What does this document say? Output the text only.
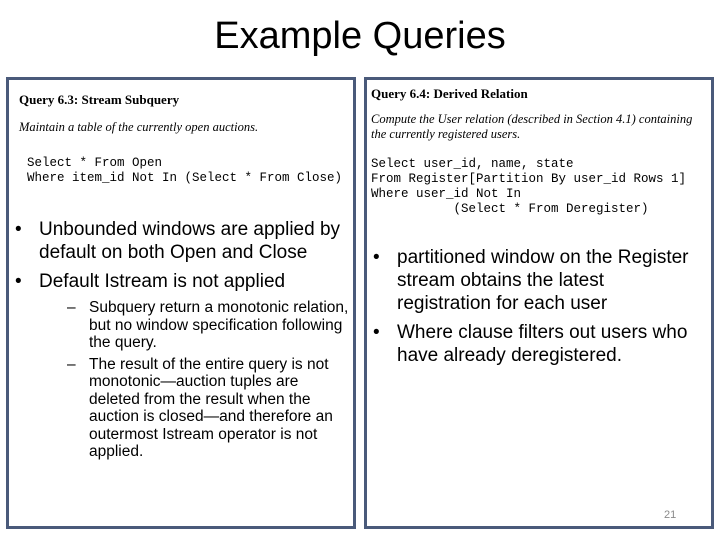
Example Queries
Query 6.3: Stream Subquery
Maintain a table of the currently open auctions.
Select * From Open
Where item_id Not In (Select * From Close)
• Unbounded windows are applied by default on both Open and Close
• Default Istream is not applied
– Subquery return a monotonic relation, but no window specification following the query.
– The result of the entire query is not monotonic—auction tuples are deleted from the result when the auction is closed—and therefore an outermost Istream operator is not applied.
Query 6.4: Derived Relation
Compute the User relation (described in Section 4.1) containing the currently registered users.
Select user_id, name, state
From Register[Partition By user_id Rows 1]
Where user_id Not In
(Select * From Deregister)
• partitioned window on the Register stream obtains the latest registration for each user
• Where clause filters out users who have already deregistered.
21
